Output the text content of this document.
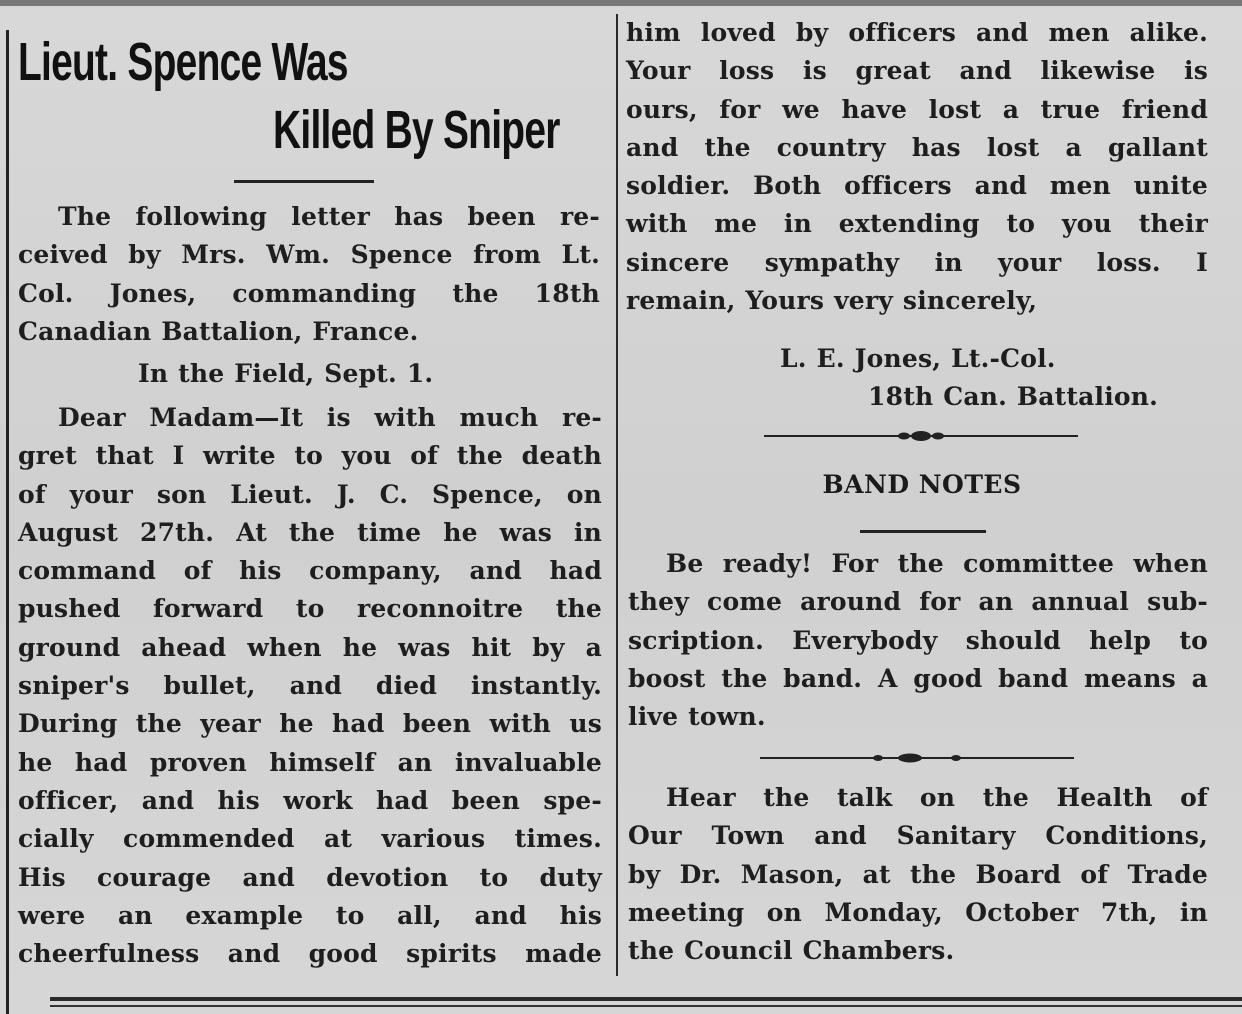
Lieut. Spence Was
Killed By Sniper
The following letter has been re-
ceived by Mrs. Wm. Spence from Lt.
Col. Jones, commanding the 18th
Canadian Battalion, France.
In the Field, Sept. 1.
Dear Madam—It is with much re-
gret that I write to you of the death
of your son Lieut. J. C. Spence, on
August 27th. At the time he was in
command of his company, and had
pushed forward to reconnoitre the
ground ahead when he was hit by a
sniper's bullet, and died instantly.
During the year he had been with us
he had proven himself an invaluable
officer, and his work had been spe-
cially commended at various times.
His courage and devotion to duty
were an example to all, and his
cheerfulness and good spirits made
him loved by officers and men alike.
Your loss is great and likewise is
ours, for we have lost a true friend
and the country has lost a gallant
soldier. Both officers and men unite
with me in extending to you their
sincere sympathy in your loss. I
remain, Yours very sincerely,
L. E. Jones, Lt.-Col.
18th Can. Battalion.
BAND NOTES
Be ready! For the committee when
they come around for an annual sub-
scription. Everybody should help to
boost the band. A good band means a
live town.
Hear the talk on the Health of
Our Town and Sanitary Conditions,
by Dr. Mason, at the Board of Trade
meeting on Monday, October 7th, in
the Council Chambers.
